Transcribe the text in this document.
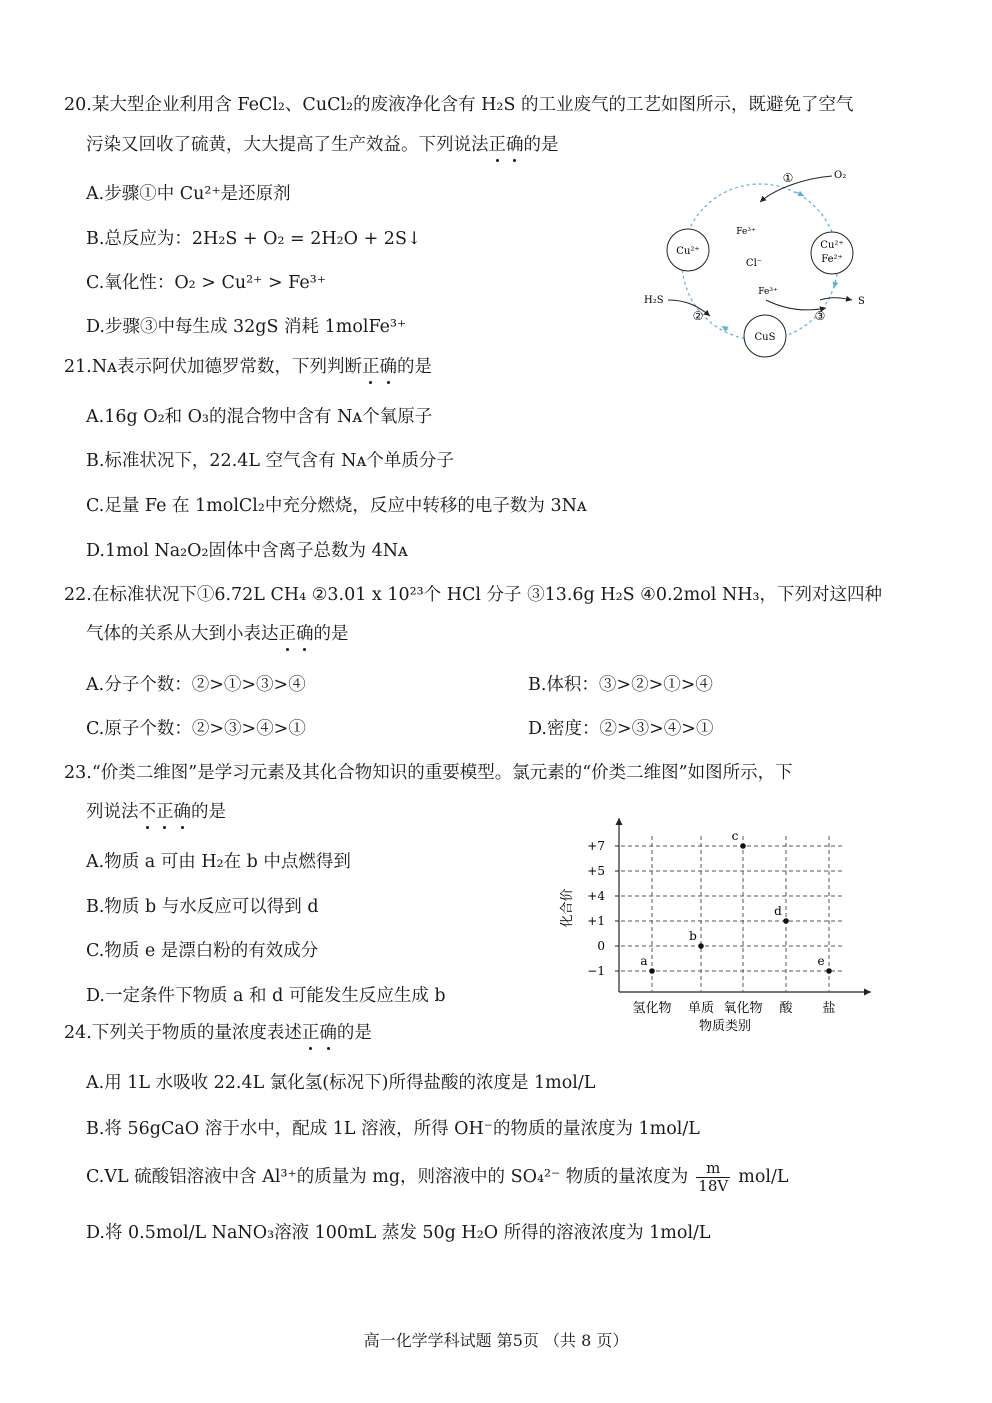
20.某大型企业利用含 FeCl₂、CuCl₂的废液净化含有 H₂S 的工业废气的工艺如图所示，既避免了空气
污染又回收了硫黄，大大提高了生产效益。下列说法正确的是
A.步骤①中 Cu²⁺是还原剂
B.总反应为：2H₂S + O₂ = 2H₂O + 2S↓
C.氧化性：O₂ > Cu²⁺ > Fe³⁺
D.步骤③中每生成 32gS 消耗 1molFe³⁺
Cu²⁺
Cu²⁺
Fe²⁺
CuS
①	O₂
Fe³⁺
Cl⁻
Fe³⁺
H₂S
②	③
S
21.Nᴀ表示阿伏加德罗常数，下列判断正确的是
A.16g O₂和 O₃的混合物中含有 Nᴀ个氧原子
B.标准状况下，22.4L 空气含有 Nᴀ个单质分子
C.足量 Fe 在 1molCl₂中充分燃烧，反应中转移的电子数为 3Nᴀ
D.1mol Na₂O₂固体中含离子总数为 4Nᴀ
22.在标准状况下①6.72L CH₄ ②3.01 x 10²³个 HCl 分子 ③13.6g H₂S ④0.2mol NH₃，下列对这四种
气体的关系从大到小表达正确的是
A.分子个数：②>①>③>④	B.体积：③>②>①>④
C.原子个数：②>③>④>①	D.密度：②>③>④>①
23.“价类二维图”是学习元素及其化合物知识的重要模型。氯元素的“价类二维图”如图所示，下
列说法不正确的是
A.物质 a 可由 H₂在 b 中点燃得到
B.物质 b 与水反应可以得到 d
C.物质 e 是漂白粉的有效成分
D.一定条件下物质 a 和 d 可能发生反应生成 b
化合价
物质类别
+7
+5
+4
+1
0
−1
氢化物 单质 氧化物 酸 盐
a
b
c
d
e
24.下列关于物质的量浓度表述正确的是
A.用 1L 水吸收 22.4L 氯化氢(标况下)所得盐酸的浓度是 1mol/L
B.将 56gCaO 溶于水中，配成 1L 溶液，所得 OH⁻的物质的量浓度为 1mol/L
C.VL 硫酸铝溶液中含 Al³⁺的质量为 mg，则溶液中的 SO₄²⁻ 物质的量浓度为 $\frac{m}{18V} mol/L$
D.将 0.5mol/L NaNO₃溶液 100mL 蒸发 50g H₂O 所得的溶液浓度为 1mol/L
高一化学学科试题 第5页 （共 8 页）
